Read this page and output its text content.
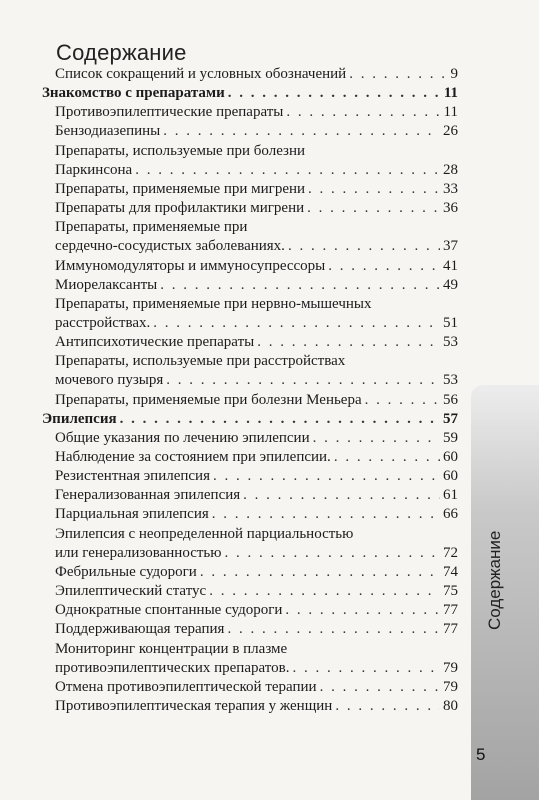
Содержание
Список сокращений и условных обозначений . . .	9
Знакомство с препаратами . . .	11
Противоэпилептические препараты . . .	11
Бензодиазепины . . .	26
Препараты, используемые при болезни
Паркинсона . . .	28
Препараты, применяемые при мигрени . . .	33
Препараты для профилактики мигрени . . .	36
Препараты, применяемые при
сердечно-сосудистых заболеваниях. . . .	37
Иммуномодуляторы и иммуносупрессоры . . .	41
Миорелаксанты . . .	49
Препараты, применяемые при нервно-мышечных
расстройствах. . . .	51
Антипсихотические препараты . . .	53
Препараты, используемые при расстройствах
мочевого пузыря . . .	53
Препараты, применяемые при болезни Меньера . . .	56
Эпилепсия . . .	57
Общие указания по лечению эпилепсии . . .	59
Наблюдение за состоянием при эпилепсии. . . .	60
Резистентная эпилепсия . . .	60
Генерализованная эпилепсия . . .	61
Парциальная эпилепсия . . .	66
Эпилепсия с неопределенной парциальностью
или генерализованностью . . .	72
Фебрильные судороги . . .	74
Эпилептический статус . . .	75
Однократные спонтанные судороги . . .	77
Поддерживающая терапия . . .	77
Мониторинг концентрации в плазме
противоэпилептических препаратов. . . .	79
Отмена противоэпилептической терапии . . .	79
Противоэпилептическая терапия у женщин . . .	80
Содержание
5
